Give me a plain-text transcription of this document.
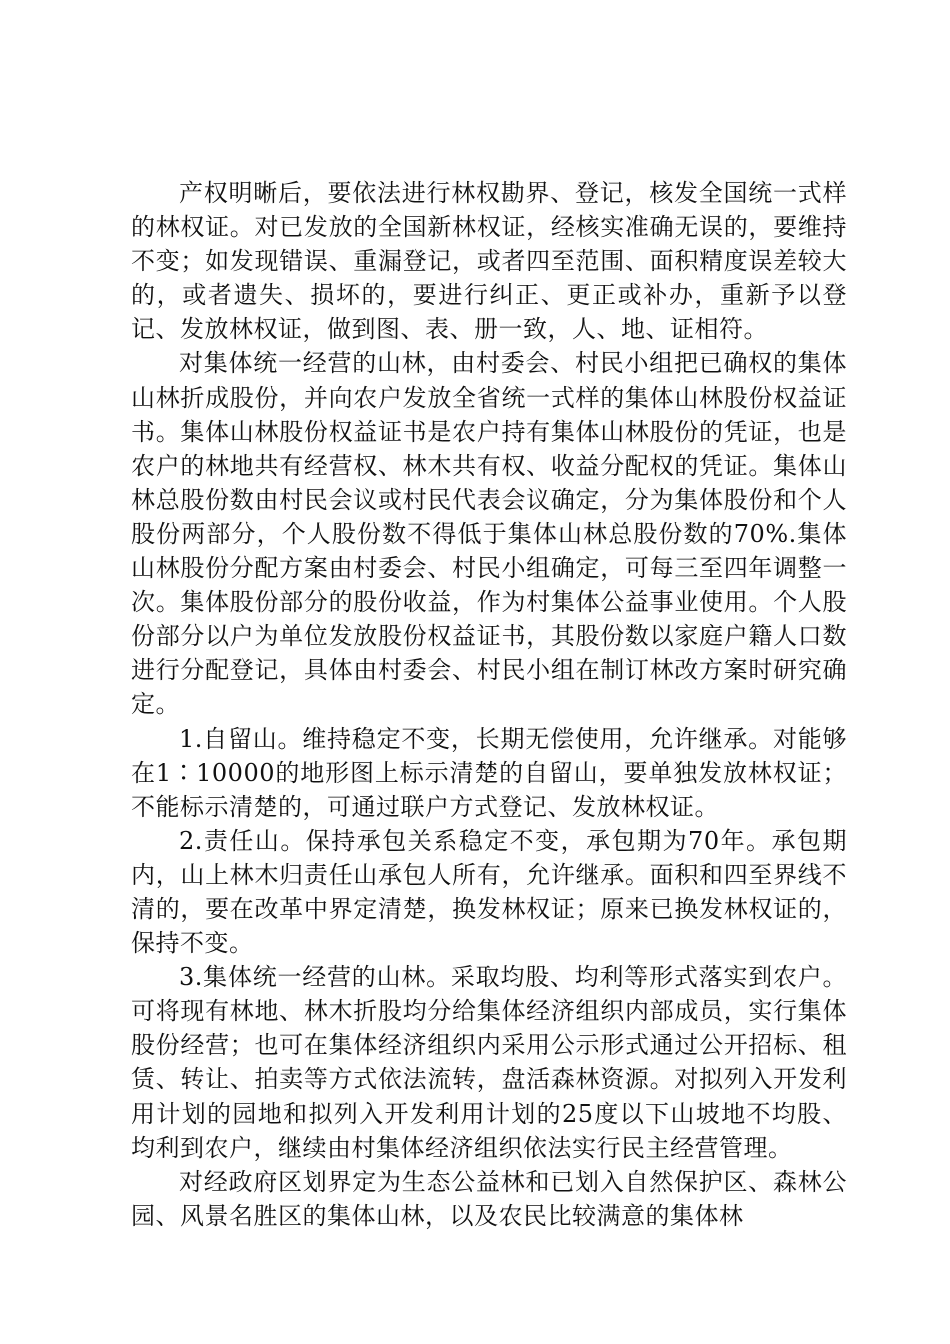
产权明晰后，要依法进行林权勘界、登记，核发全国统一式样的林权证。对已发放的全国新林权证，经核实准确无误的，要维持不变；如发现错误、重漏登记，或者四至范围、面积精度误差较大的，或者遗失、损坏的，要进行纠正、更正或补办，重新予以登记、发放林权证，做到图、表、册一致，人、地、证相符。

对集体统一经营的山林，由村委会、村民小组把已确权的集体山林折成股份，并向农户发放全省统一式样的集体山林股份权益证书。集体山林股份权益证书是农户持有集体山林股份的凭证，也是农户的林地共有经营权、林木共有权、收益分配权的凭证。集体山林总股份数由村民会议或村民代表会议确定，分为集体股份和个人股份两部分，个人股份数不得低于集体山林总股份数的70%.集体山林股份分配方案由村委会、村民小组确定，可每三至四年调整一次。集体股份部分的股份收益，作为村集体公益事业使用。个人股份部分以户为单位发放股份权益证书，其股份数以家庭户籍人口数进行分配登记，具体由村委会、村民小组在制订林改方案时研究确定。

1.自留山。维持稳定不变，长期无偿使用，允许继承。对能够在1∶10000的地形图上标示清楚的自留山，要单独发放林权证；不能标示清楚的，可通过联户方式登记、发放林权证。

2.责任山。保持承包关系稳定不变，承包期为70年。承包期内，山上林木归责任山承包人所有，允许继承。面积和四至界线不清的，要在改革中界定清楚，换发林权证；原来已换发林权证的，保持不变。

3.集体统一经营的山林。采取均股、均利等形式落实到农户。可将现有林地、林木折股均分给集体经济组织内部成员，实行集体股份经营；也可在集体经济组织内采用公示形式通过公开招标、租赁、转让、拍卖等方式依法流转，盘活森林资源。对拟列入开发利用计划的园地和拟列入开发利用计划的25度以下山坡地不均股、均利到农户，继续由村集体经济组织依法实行民主经营管理。

对经政府区划界定为生态公益林和已划入自然保护区、森林公园、风景名胜区的集体山林，以及农民比较满意的集体林
